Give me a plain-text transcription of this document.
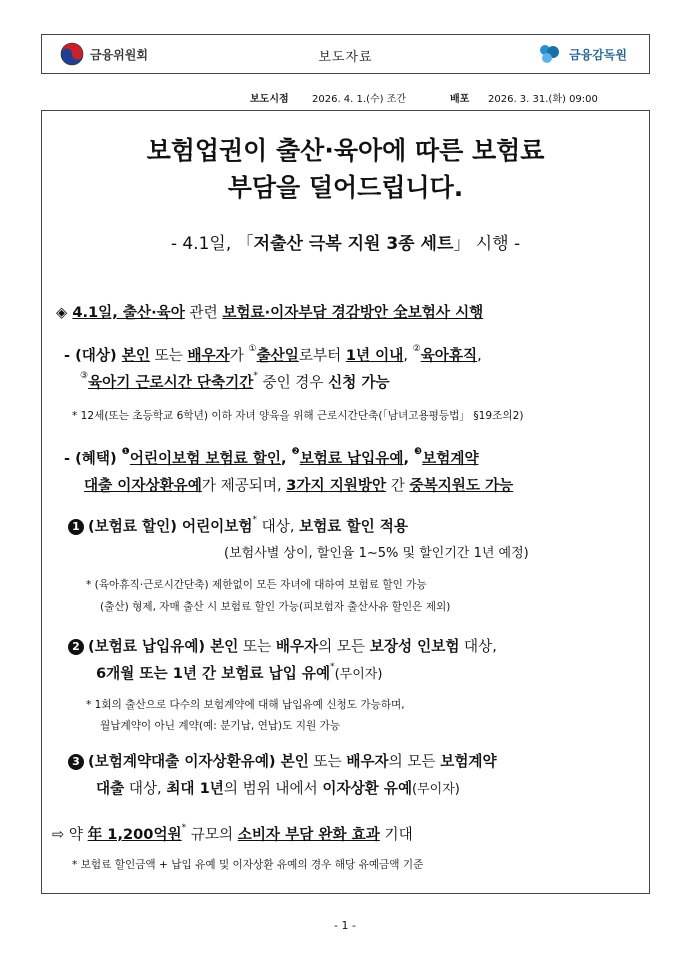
금융위원회	보도자료	금융감독원
보도시점	2026. 4. 1.(수) 조간	배포	2026. 3. 31.(화) 09:00
보험업권이 출산·육아에 따른 보험료
부담을 덜어드립니다.
- 4.1일, 「저출산 극복 지원 3종 세트」 시행 -
◈ 4.1일, 출산·육아 관련 보험료·이자부담 경감방안 全보험사 시행
- (대상) 본인 또는 배우자가 ①출산일로부터 1년 이내, ②육아휴직,
③육아기 근로시간 단축기간* 중인 경우 신청 가능
* 12세(또는 초등학교 6학년) 이하 자녀 양육을 위해 근로시간단축(「남녀고용평등법」 §19조의2)
- (혜택) $^❶$어린이보험 보험료 할인, $^❷$보험료 납입유예, $^❸$보험계약
대출 이자상환유예가 제공되며, 3가지 지원방안 간 중복지원도 가능
1 (보험료 할인) 어린이보험* 대상, 보험료 할인 적용
(보험사별 상이, 할인율 1~5% 및 할인기간 1년 예정)
* (육아휴직·근로시간단축) 제한없이 모든 자녀에 대하여 보험료 할인 가능
(출산) 형제, 자매 출산 시 보험료 할인 가능(피보험자 출산사유 할인은 제외)
2 (보험료 납입유예) 본인 또는 배우자의 모든 보장성 인보험 대상,
6개월 또는 1년 간 보험료 납입 유예*(무이자)
* 1회의 출산으로 다수의 보험계약에 대해 납입유예 신청도 가능하며,
월납계약이 아닌 계약(예: 분기납, 연납)도 지원 가능
3 (보험계약대출 이자상환유예) 본인 또는 배우자의 모든 보험계약
대출 대상, 최대 1년의 범위 내에서 이자상환 유예(무이자)
⇨ 약 年 1,200억원* 규모의 소비자 부담 완화 효과 기대
* 보험료 할인금액 + 납입 유예 및 이자상환 유예의 경우 해당 유예금액 기준
- 1 -
